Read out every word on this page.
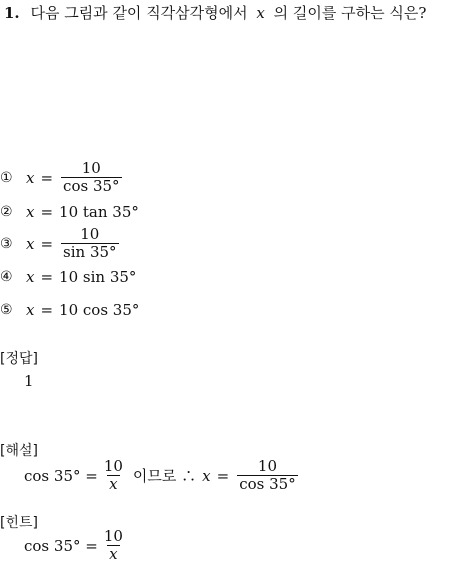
1. 다음 그림과 같이 직각삼각형에서 x 의 길이를 구하는 식은?
① $x = \frac{10}{\cos 35^\circ}$
② x = 10 tan 35°
③ $x = \frac{10}{\sin 35^\circ}$
④ x = 10 sin 35°
⑤ x = 10 cos 35°
[정답]
1
[해설]
$\cos 35^\circ = \frac{10}{x}$ 이므로 ∴ $x = \frac{10}{\cos 35^\circ}$
[힌트]
$\cos 35^\circ = \frac{10}{x}$
